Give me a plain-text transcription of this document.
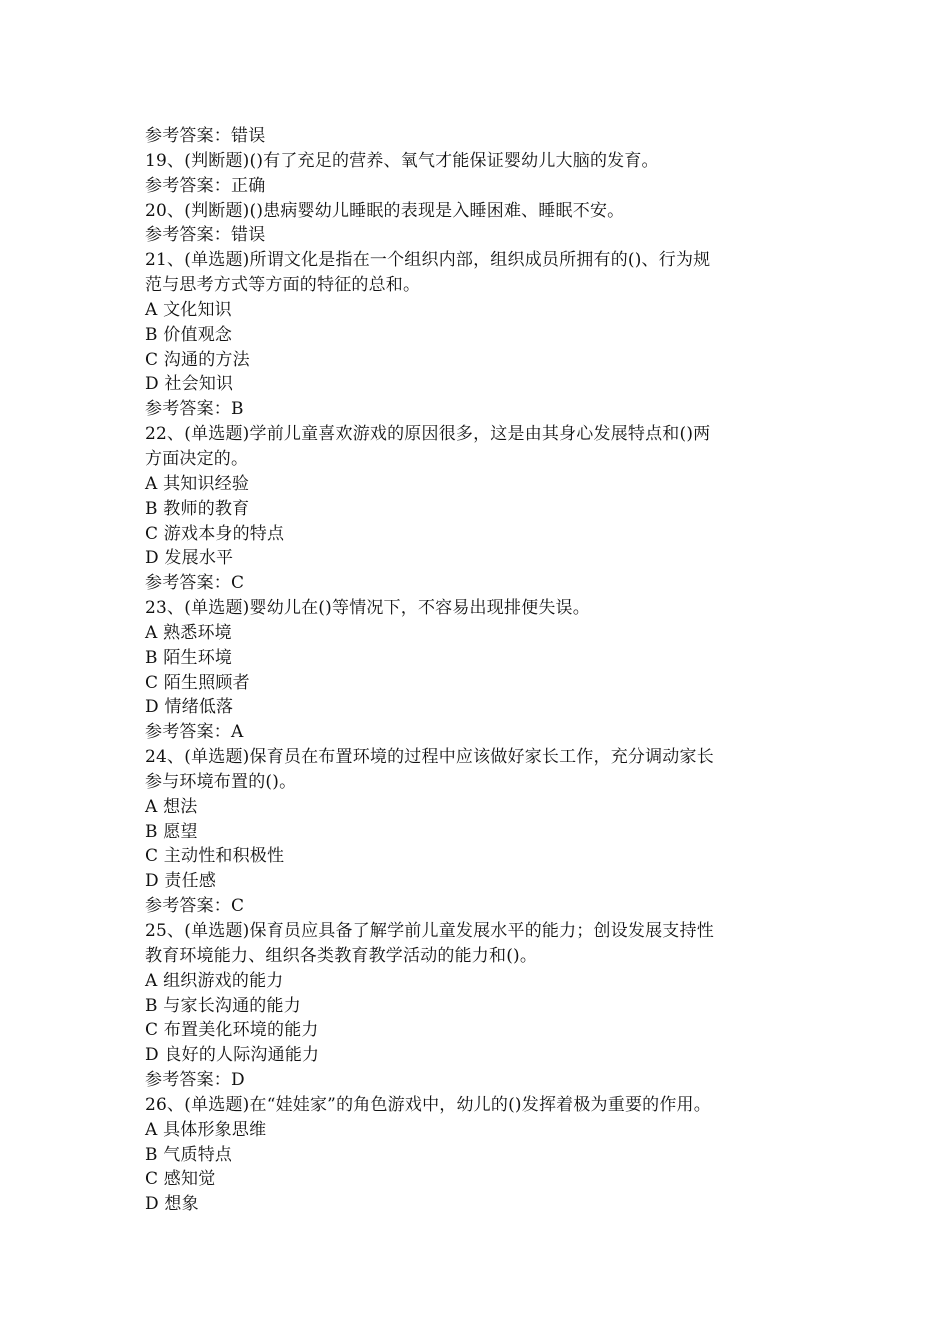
参考答案：错误
19、(判断题)()有了充足的营养、氧气才能保证婴幼儿大脑的发育。
参考答案：正确
20、(判断题)()患病婴幼儿睡眠的表现是入睡困难、睡眠不安。
参考答案：错误
21、(单选题)所谓文化是指在一个组织内部，组织成员所拥有的()、行为规
范与思考方式等方面的特征的总和。
A 文化知识
B 价值观念
C 沟通的方法
D 社会知识
参考答案：B
22、(单选题)学前儿童喜欢游戏的原因很多，这是由其身心发展特点和()两
方面决定的。
A 其知识经验
B 教师的教育
C 游戏本身的特点
D 发展水平
参考答案：C
23、(单选题)婴幼儿在()等情况下，不容易出现排便失误。
A 熟悉环境
B 陌生环境
C 陌生照顾者
D 情绪低落
参考答案：A
24、(单选题)保育员在布置环境的过程中应该做好家长工作，充分调动家长
参与环境布置的()。
A 想法
B 愿望
C 主动性和积极性
D 责任感
参考答案：C
25、(单选题)保育员应具备了解学前儿童发展水平的能力；创设发展支持性
教育环境能力、组织各类教育教学活动的能力和()。
A 组织游戏的能力
B 与家长沟通的能力
C 布置美化环境的能力
D 良好的人际沟通能力
参考答案：D
26、(单选题)在“娃娃家”的角色游戏中，幼儿的()发挥着极为重要的作用。
A 具体形象思维
B 气质特点
C 感知觉
D 想象
